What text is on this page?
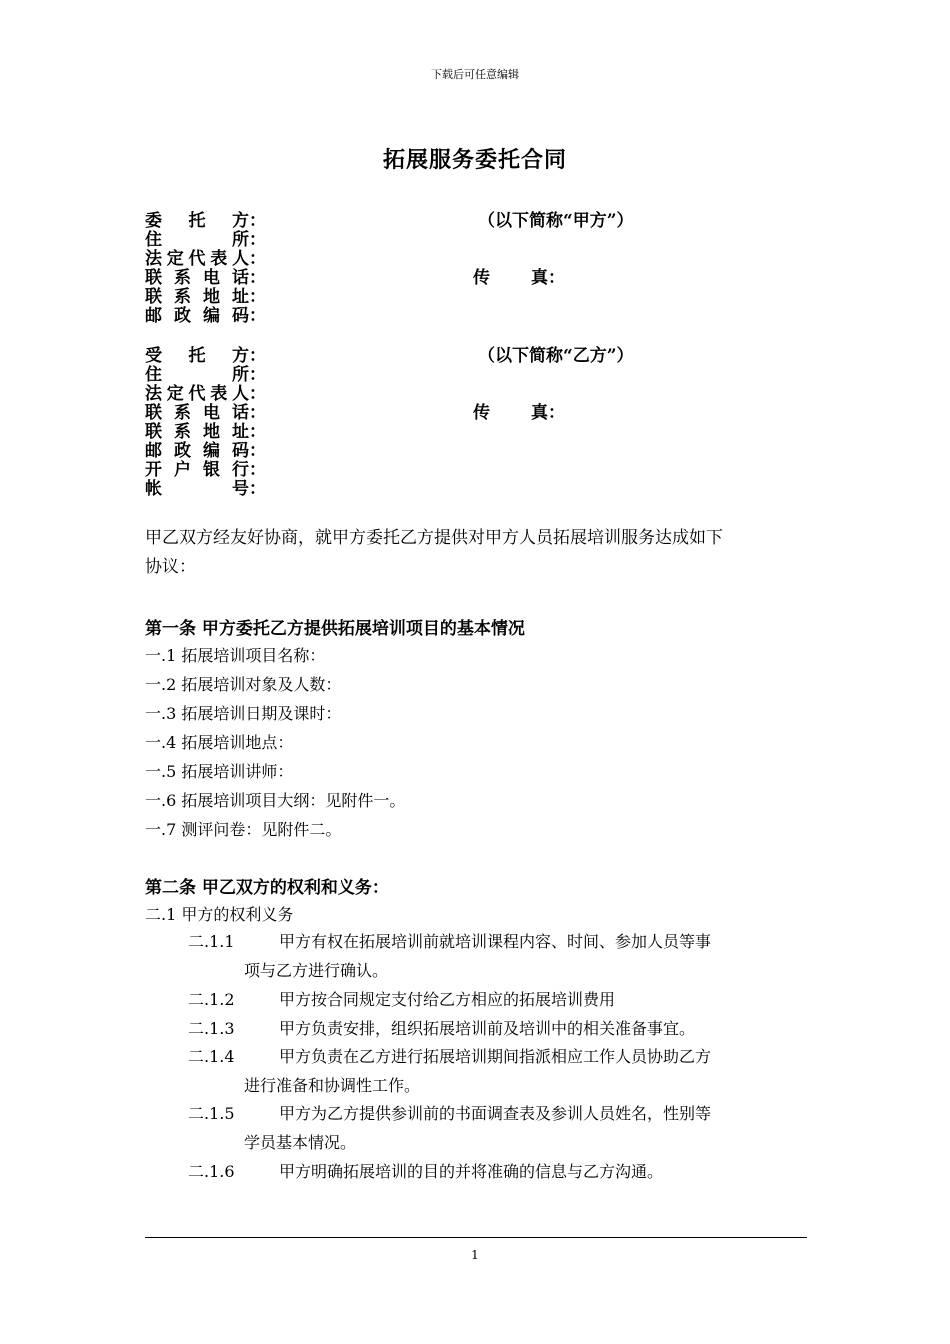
下载后可任意编辑
拓展服务委托合同
委托方 ：	（以下简称“甲方”）
住所 ：
法定代表人 ：
联系电话 ：	传真 ：
联系地址 ：
邮政编码 ：
受托方 ：	（以下简称“乙方”）
住所 ：
法定代表人 ：
联系电话 ：	传真 ：
联系地址 ：
邮政编码 ：
开户银行 ：
帐号 ：
甲乙双方经友好协商，就甲方委托乙方提供对甲方人员拓展培训服务达成如下
协议：
第一条 甲方委托乙方提供拓展培训项目的基本情况
一.1 拓展培训项目名称：
一.2 拓展培训对象及人数：
一.3 拓展培训日期及课时：
一.4 拓展培训地点：
一.5 拓展培训讲师：
一.6 拓展培训项目大纲：见附件一。
一.7 测评问卷：见附件二。
第二条 甲乙双方的权利和义务：
二.1 甲方的权利义务
二.1.1	甲方有权在拓展培训前就培训课程内容、时间、参加人员等事
项与乙方进行确认。
二.1.2	甲方按合同规定支付给乙方相应的拓展培训费用
二.1.3	甲方负责安排，组织拓展培训前及培训中的相关准备事宜。
二.1.4	甲方负责在乙方进行拓展培训期间指派相应工作人员协助乙方
进行准备和协调性工作。
二.1.5	甲方为乙方提供参训前的书面调查表及参训人员姓名，性别等
学员基本情况。
二.1.6	甲方明确拓展培训的目的并将准确的信息与乙方沟通。
1
